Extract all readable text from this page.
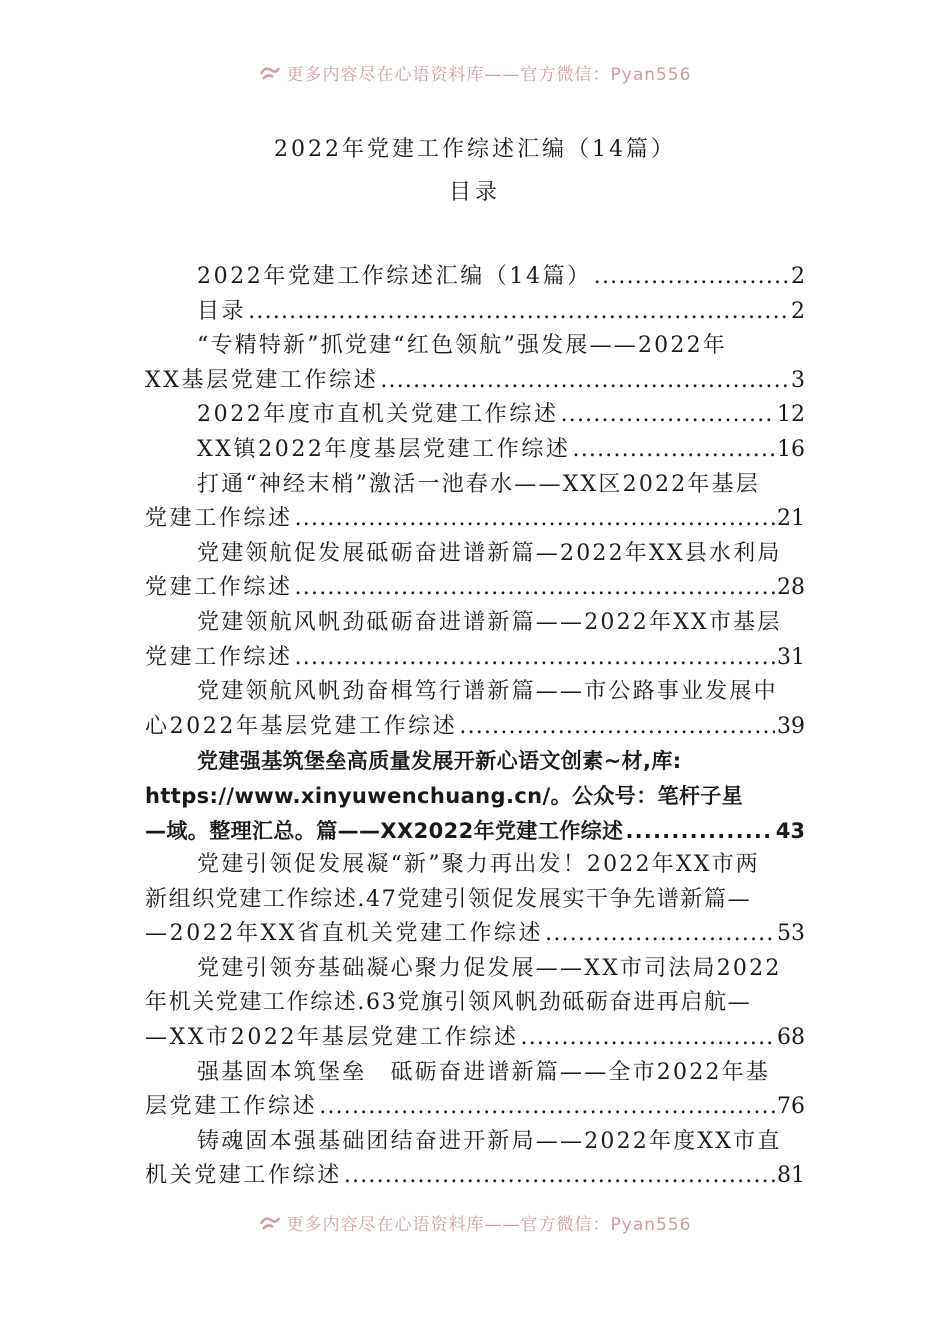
更多内容尽在心语资料库——官方微信：Pyan556
2022年党建工作综述汇编（14篇）
目录
2022年党建工作综述汇编（14篇） .....	2
目录 .....	2
“专精特新”抓党建“红色领航”强发展——2022年
XX基层党建工作综述 .....	3
2022年度市直机关党建工作综述 .....	12
XX镇2022年度基层党建工作综述 .....	16
打通“神经末梢”激活一池春水——XX区2022年基层
党建工作综述 .....	21
党建领航促发展砥砺奋进谱新篇—2022年XX县水利局
党建工作综述 .....	28
党建领航风帆劲砥砺奋进谱新篇——2022年XX市基层
党建工作综述 .....	31
党建领航风帆劲奋楫笃行谱新篇——市公路事业发展中
心2022年基层党建工作综述 .....	39
党建强基筑堡垒高质量发展开新心语文创素~材,库:
https://www.xinyuwenchuang.cn/。公众号：笔杆子星
—域。整理汇总。篇——XX2022年党建工作综述 .....	43
党建引领促发展凝“新”聚力再出发！2022年XX市两
新组织党建工作综述.47党建引领促发展实干争先谱新篇—
—2022年XX省直机关党建工作综述 .....	53
党建引领夯基础凝心聚力促发展——XX市司法局2022
年机关党建工作综述.63党旗引领风帆劲砥砺奋进再启航—
—XX市2022年基层党建工作综述 .....	68
强基固本筑堡垒　砥砺奋进谱新篇——全市2022年基
层党建工作综述 .....	76
铸魂固本强基础团结奋进开新局——2022年度XX市直
机关党建工作综述 .....	81
更多内容尽在心语资料库——官方微信：Pyan556
